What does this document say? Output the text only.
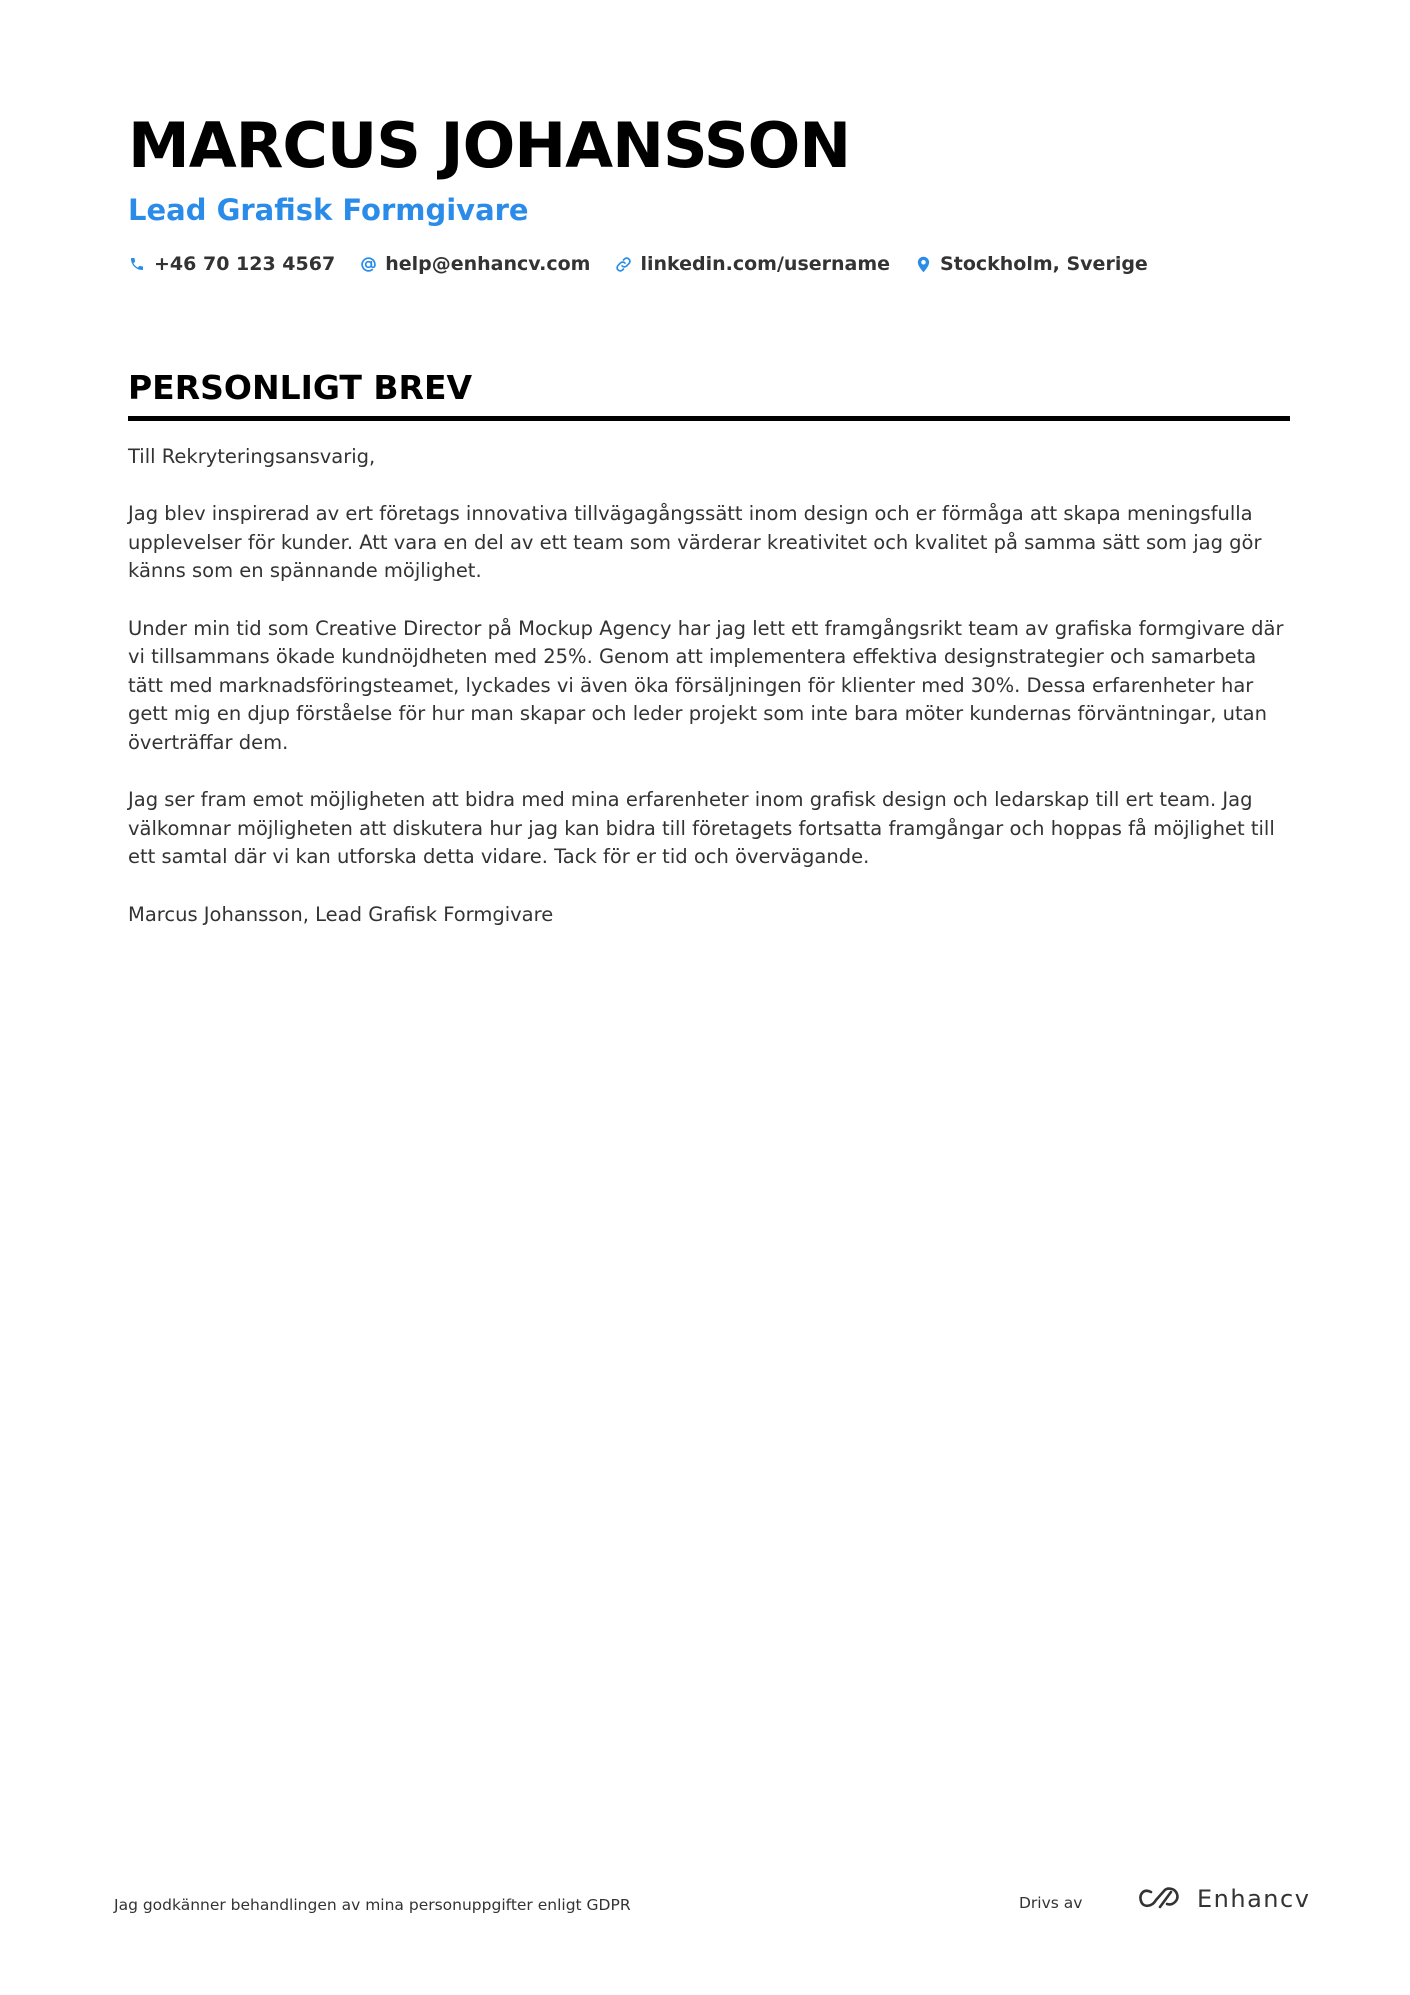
MARCUS JOHANSSON
Lead Grafisk Formgivare
+46 70 123 4567	help@enhancv.com	linkedin.com/username	Stockholm, Sverige
PERSONLIGT BREV

Till Rekryteringsansvarig,

Jag blev inspirerad av ert företags innovativa tillvägagångssätt inom design och er förmåga att skapa meningsfulla upplevelser för kunder. Att vara en del av ett team som värderar kreativitet och kvalitet på samma sätt som jag gör känns som en spännande möjlighet.

Under min tid som Creative Director på Mockup Agency har jag lett ett framgångsrikt team av grafiska formgivare där vi tillsammans ökade kundnöjdheten med 25%. Genom att implementera effektiva designstrategier och samarbeta tätt med marknadsföringsteamet, lyckades vi även öka försäljningen för klienter med 30%. Dessa erfarenheter har gett mig en djup förståelse för hur man skapar och leder projekt som inte bara möter kundernas förväntningar, utan överträffar dem.

Jag ser fram emot möjligheten att bidra med mina erfarenheter inom grafisk design och ledarskap till ert team. Jag välkomnar möjligheten att diskutera hur jag kan bidra till företagets fortsatta framgångar och hoppas få möjlighet till ett samtal där vi kan utforska detta vidare. Tack för er tid och övervägande.

Marcus Johansson, Lead Grafisk Formgivare

Jag godkänner behandlingen av mina personuppgifter enligt GDPR	Drivs av	Enhancv
